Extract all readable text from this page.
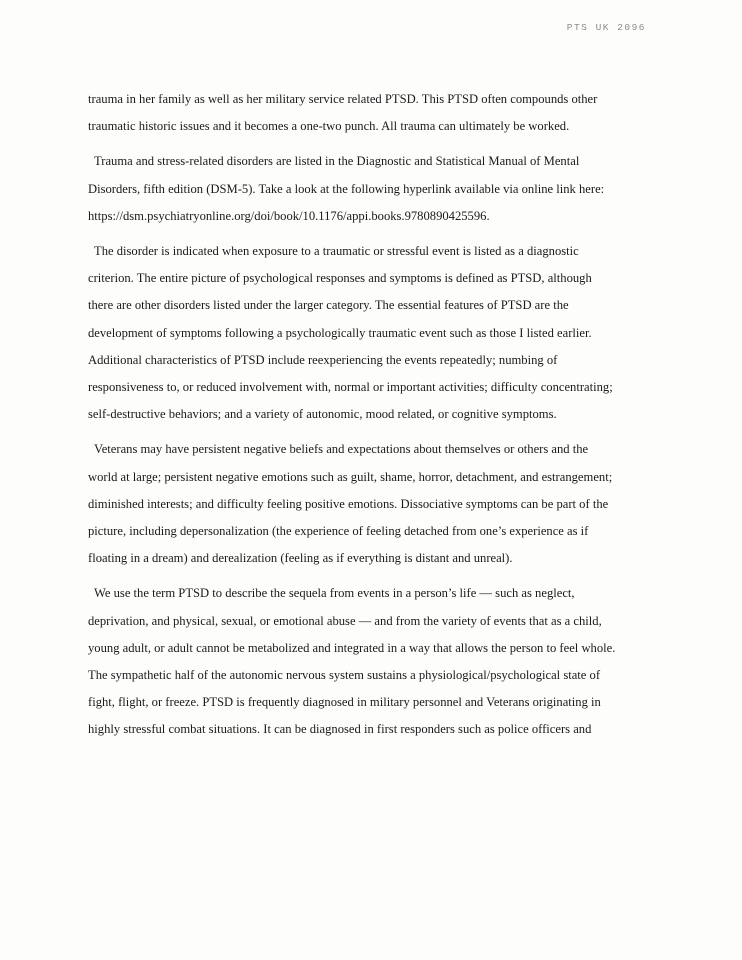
PTS UK 2096

trauma in her family as well as her military service related PTSD. This PTSD often compounds other traumatic historic issues and it becomes a one-two punch. All trauma can ultimately be worked.

Trauma and stress-related disorders are listed in the Diagnostic and Statistical Manual of Mental Disorders, fifth edition (DSM-5). Take a look at the following hyperlink available via online link here: https://dsm.psychiatryonline.org/doi/book/10.1176/appi.books.9780890425596.

The disorder is indicated when exposure to a traumatic or stressful event is listed as a diagnostic criterion. The entire picture of psychological responses and symptoms is defined as PTSD, although there are other disorders listed under the larger category. The essential features of PTSD are the development of symptoms following a psychologically traumatic event such as those I listed earlier. Additional characteristics of PTSD include reexperiencing the events repeatedly; numbing of responsiveness to, or reduced involvement with, normal or important activities; difficulty concentrating; self-destructive behaviors; and a variety of autonomic, mood related, or cognitive symptoms.

Veterans may have persistent negative beliefs and expectations about themselves or others and the world at large; persistent negative emotions such as guilt, shame, horror, detachment, and estrangement; diminished interests; and difficulty feeling positive emotions. Dissociative symptoms can be part of the picture, including depersonalization (the experience of feeling detached from one’s experience as if floating in a dream) and derealization (feeling as if everything is distant and unreal).

We use the term PTSD to describe the sequela from events in a person’s life — such as neglect, deprivation, and physical, sexual, or emotional abuse — and from the variety of events that as a child, young adult, or adult cannot be metabolized and integrated in a way that allows the person to feel whole. The sympathetic half of the autonomic nervous system sustains a physiological/psychological state of fight, flight, or freeze. PTSD is frequently diagnosed in military personnel and Veterans originating in highly stressful combat situations. It can be diagnosed in first responders such as police officers and
